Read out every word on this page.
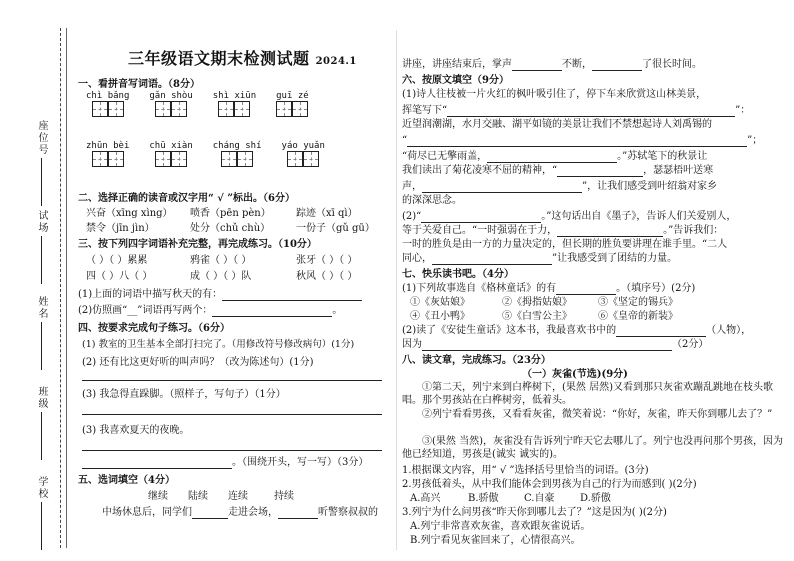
学校
班级
姓名
试场
座位号
三年级语文期末检测试题 2024.1
一、看拼音写词语。（8分）
chì bǎng gǎn shòu shì xiūn guī zé
zhūn bèi chū xiàn cháng shí yáo yuǎn
二、选择正确的读音或汉字用“ √ ”标出。（6分）
兴奋（xīng xìng） 喷香（pēn pèn）	踪迹（xī qì）
禁令（jīn jìn）	处分（chǔ chù）	一份子（gǔ gū）
三、按下列四字词语补充完整，再完成练习。（10分）
（ ）（ ）累累	鸦雀（ ）（ ）	张牙（ ）（ ）
四（ ）八（ ）	成（ ）（ ）队	秋风（ ）（ ）
(1)上面的词语中描写秋天的有：
(2)仿照画“__”词语再写两个：	。
四、按要求完成句子练习。（6分）
(1) 教室的卫生基本全部打扫完了。（用修改符号修改病句）(1分)
(2) 还有比这更好听的叫声吗？（改为陈述句）(1分)
(3) 我急得直跺脚。（照样子，写句子）（1分）
(3) 我喜欢夏天的夜晚。
。（围绕开头，写一写）（3分）
五、选词填空（4分）
继续 陆续 连续	持续
中场休息后，同学们	走进会场，	听警察叔叔的
讲座，讲座结束后，掌声	不断，	了很长时间。
六、按原文填空（9分）
(1)诗人往枝被一片火红的枫叶吸引住了，停下车来欣赏这山林美景，
挥笔写下“	”：
近望润潮湖，水月交融、湖平如镜的美景让我们不禁想起诗人刘禹锡的
“	”；
“荷尽已无擎雨盖，	。”苏轼笔下的秋景让
我们读出了菊花凌寒不屈的精神，“	，瑟瑟梧叶送寒
声，	”，让我们感受到叶绍翁对家乡
的深深思念。
(2)“	。”这句话出自《墨子》，告诉人们关爱别人，
等于关爱自己。“一时强弱在于力，	。”告诉我们：
一时的胜负是由一方的力量决定的，但长期的胜负要讲理在谁手里。“二人
同心，	”让我感受到了团结的力量。
七、快乐读书吧。（4分）
(1)下列故事选自《格林童话》的有	。（填序号）(2分)
①《灰姑娘》	②《拇指姑娘》	③《坚定的锡兵》
④《丑小鸭》	⑤《白雪公主》	⑥《皇帝的新装》
(2)读了《安徒生童话》这本书，我最喜欢书中的	（人物），
因为	（2分）
八、读文章，完成练习。（23分）
（一）灰雀(节选)(9分)
①第二天，列宁来到白桦树下，(果然 居然)又看到那只灰雀欢蹦乱跳地在枝头歌唱。那个男孩站在白桦树旁，低着头。
②列宁看看男孩，又看看灰雀，微笑着说：“你好，灰雀，昨天你到哪儿去了？”
③(果然 当然)，灰雀没有告诉列宁昨天它去哪儿了。列宁也没再问那个男孩，因为他已经知道，男孩是(诚实 诚实的)。
1.根据课文内容，用“ √ ”选择括号里恰当的词语。(3分)
2.男孩低着头，从中我们能体会到男孩为自己的行为而感到( )(2分)
A.高兴	B.骄傲	C.自豪	D.骄傲
3.列宁为什么问男孩“昨天你到哪儿去了？”这是因为( )(2分)
A.列宁非常喜欢灰雀，喜欢跟灰雀说话。
B.列宁看见灰雀回来了，心情很高兴。
